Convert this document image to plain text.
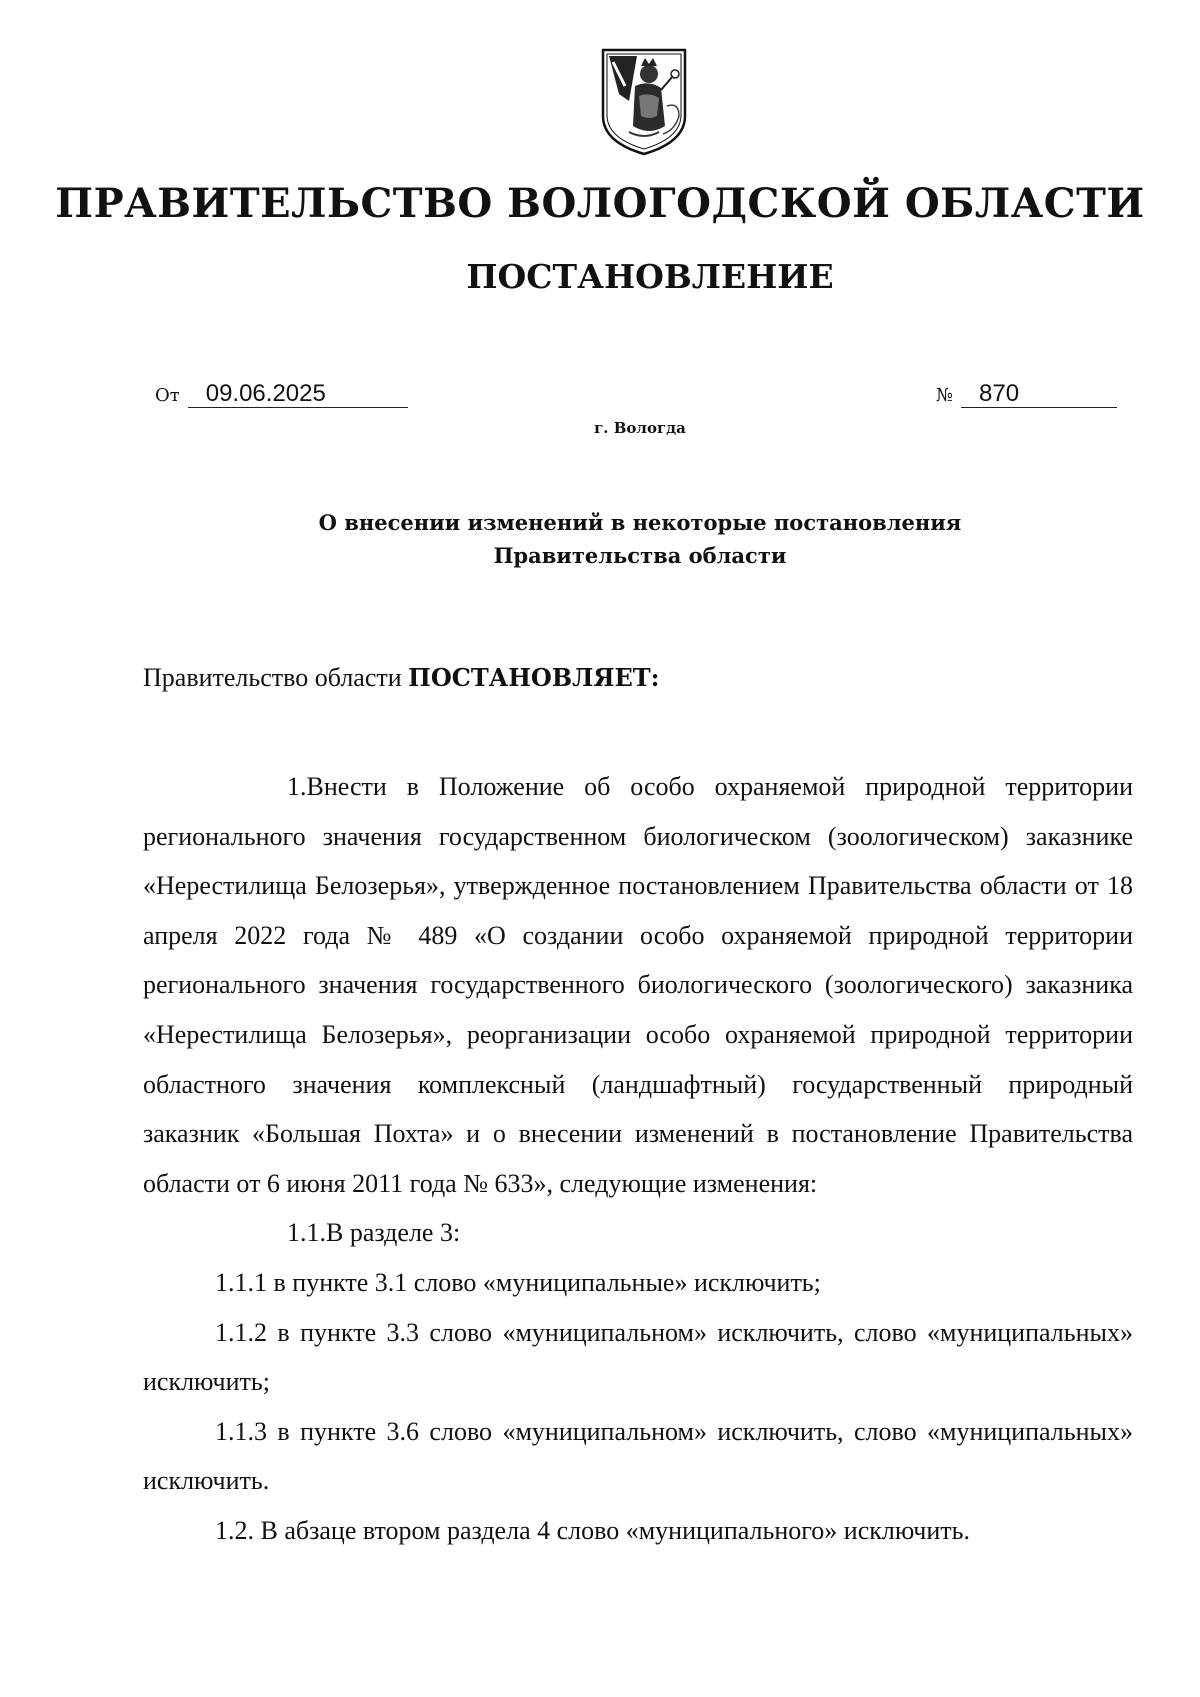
ПРАВИТЕЛЬСТВО ВОЛОГОДСКОЙ ОБЛАСТИ
ПОСТАНОВЛЕНИЕ
От 09.06.2025	№ 870
г. Вологда
О внесении изменений в некоторые постановления
Правительства области
Правительство области ПОСТАНОВЛЯЕТ:

1.Внести в Положение об особо охраняемой природной территории регионального значения государственном биологическом (зоологическом) заказнике «Нерестилища Белозерья», утвержденное постановлением Правительства области от 18 апреля 2022 года № 489 «О создании особо охраняемой природной территории регионального значения государственного биологического (зоологического) заказника «Нерестилища Белозерья», реорганизации особо охраняемой природной территории областного значения комплексный (ландшафтный) государственный природный заказник «Большая Похта» и о внесении изменений в постановление Правительства области от 6 июня 2011 года № 633», следующие изменения:

1.1.В разделе 3:

1.1.1 в пункте 3.1 слово «муниципальные» исключить;

1.1.2 в пункте 3.3 слово «муниципальном» исключить, слово «муниципальных» исключить;

1.1.3 в пункте 3.6 слово «муниципальном» исключить, слово «муниципальных» исключить.

1.2. В абзаце втором раздела 4 слово «муниципального» исключить.
